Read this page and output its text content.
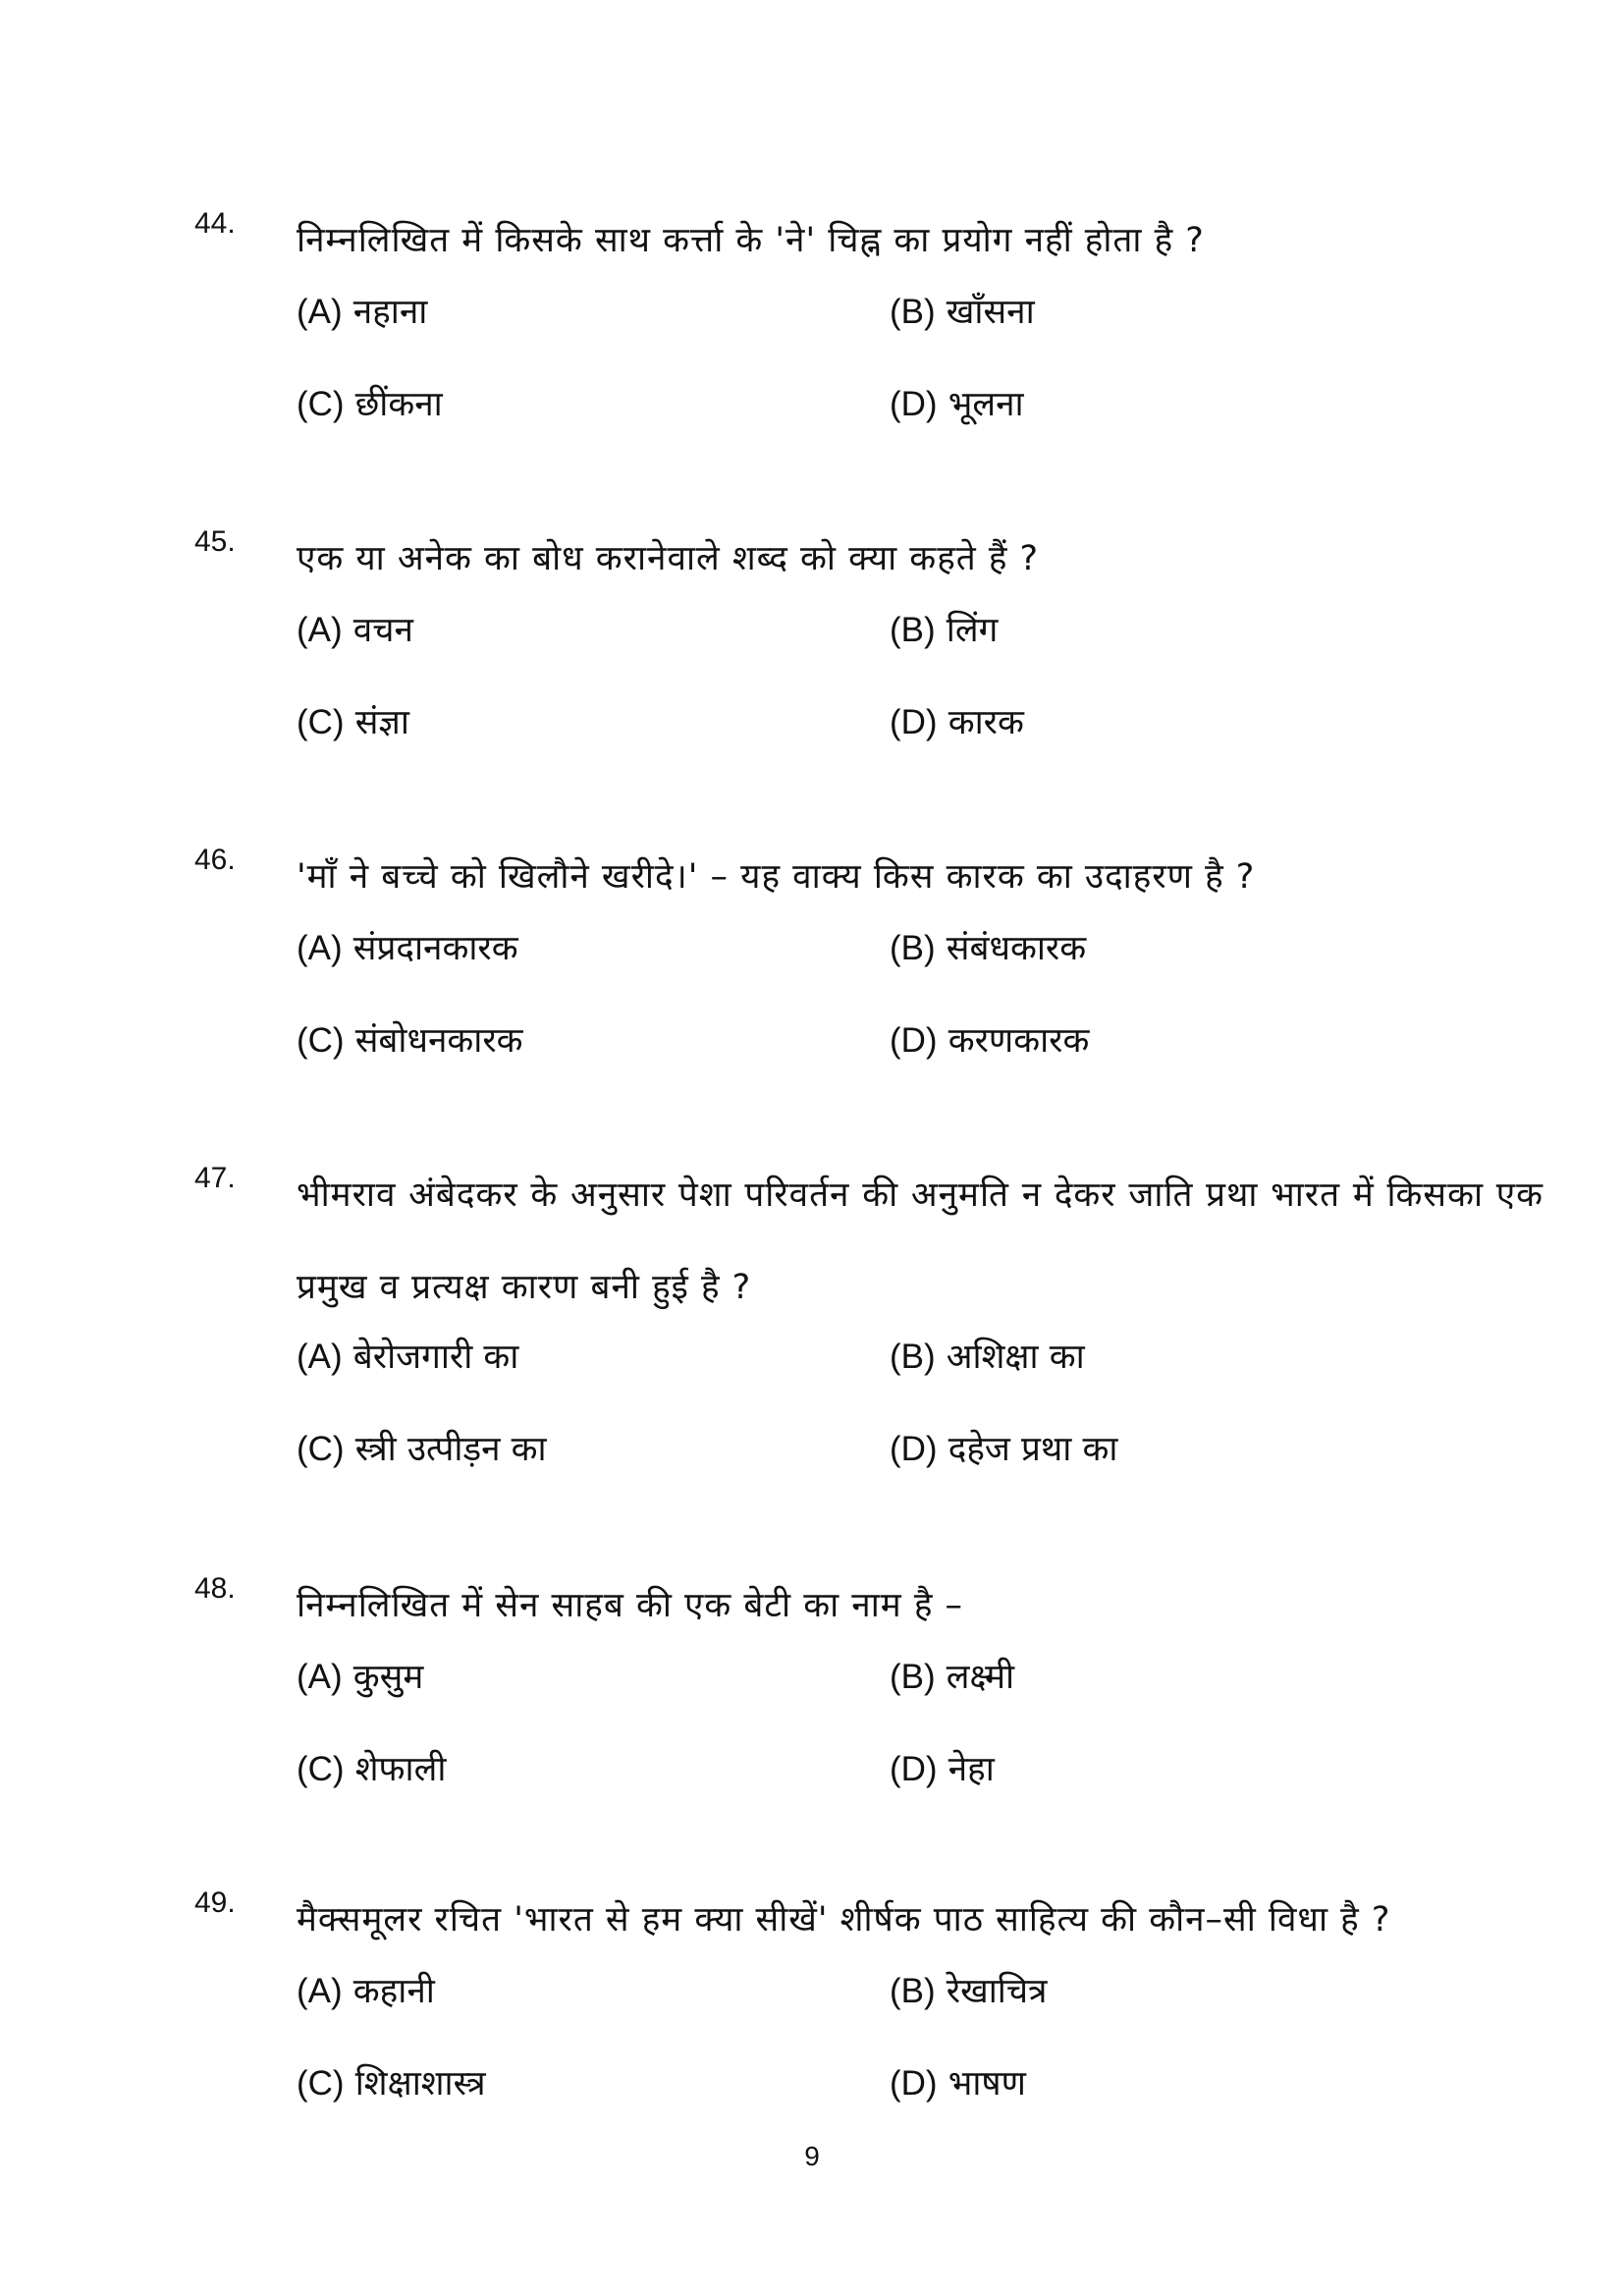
44. निम्नलिखित में किसके साथ कर्त्ता के 'ने' चिह्न का प्रयोग नहीं होता है ?
(A) नहाना	(B) खाँसना
(C) छींकना	(D) भूलना
45. एक या अनेक का बोध करानेवाले शब्द को क्या कहते हैं ?
(A) वचन	(B) लिंग
(C) संज्ञा	(D) कारक
46. 'माँ ने बच्चे को खिलौने खरीदे।' – यह वाक्य किस कारक का उदाहरण है ?
(A) संप्रदानकारक	(B) संबंधकारक
(C) संबोधनकारक	(D) करणकारक
47. भीमराव अंबेदकर के अनुसार पेशा परिवर्तन की अनुमति न देकर जाति प्रथा भारत में किसका एक प्रमुख व प्रत्यक्ष कारण बनी हुई है ?
(A) बेरोजगारी का	(B) अशिक्षा का
(C) स्त्री उत्पीड़न का	(D) दहेज प्रथा का
48. निम्नलिखित में सेन साहब की एक बेटी का नाम है –
(A) कुसुम	(B) लक्ष्मी
(C) शेफाली	(D) नेहा
49. मैक्समूलर रचित 'भारत से हम क्या सीखें' शीर्षक पाठ साहित्य की कौन–सी विधा है ?
(A) कहानी	(B) रेखाचित्र
(C) शिक्षाशास्त्र	(D) भाषण
9
